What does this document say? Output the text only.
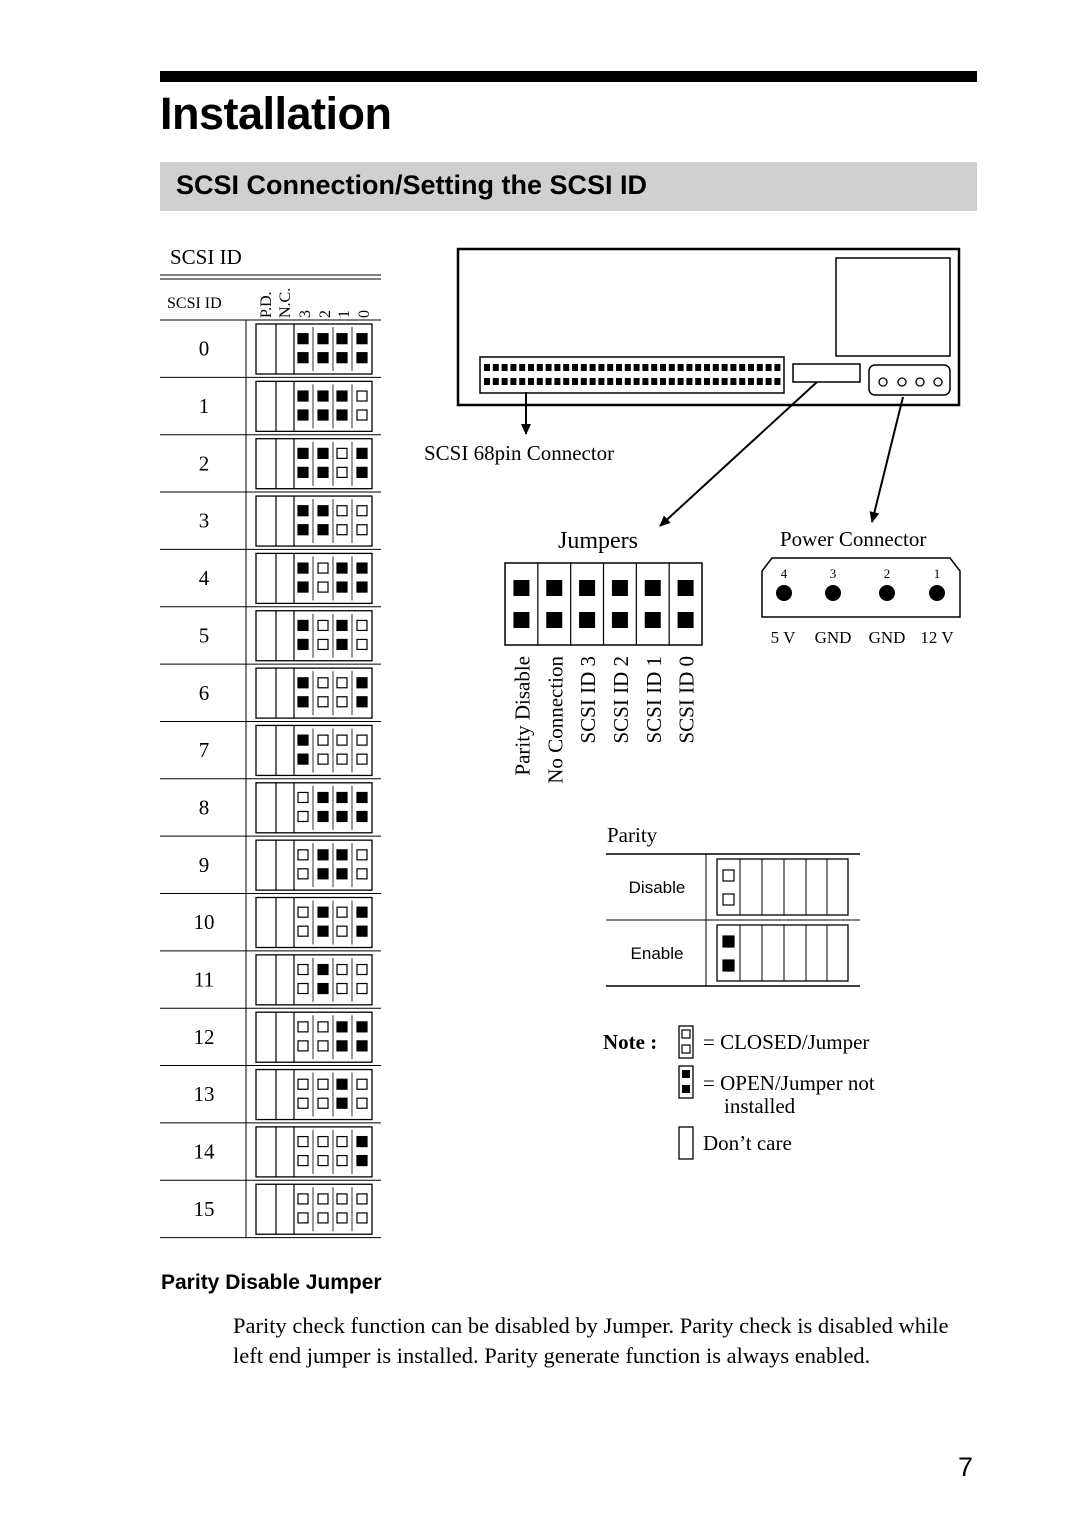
Installation
SCSI Connection/Setting the SCSI ID
SCSI ID
SCSI ID P.D. N.C. 3 2 1 0
0
1
2
3
4
5
6
7
8
9
10
11
12
13
14
15
SCSI 68pin Connector
Jumpers	Power Connector
Parity Disable No Connection SCSI ID 3 SCSI ID 2 SCSI ID 1 SCSI ID 0
4	3	2	1
5 V GND GND 12 V
Parity
Disable
Enable
Note : = CLOSED/Jumper
= OPEN/Jumper not
installed
Don’t care
Parity Disable Jumper
Parity check function can be disabled by Jumper. Parity check is disabled while left end jumper is installed. Parity generate function is always enabled.
7
